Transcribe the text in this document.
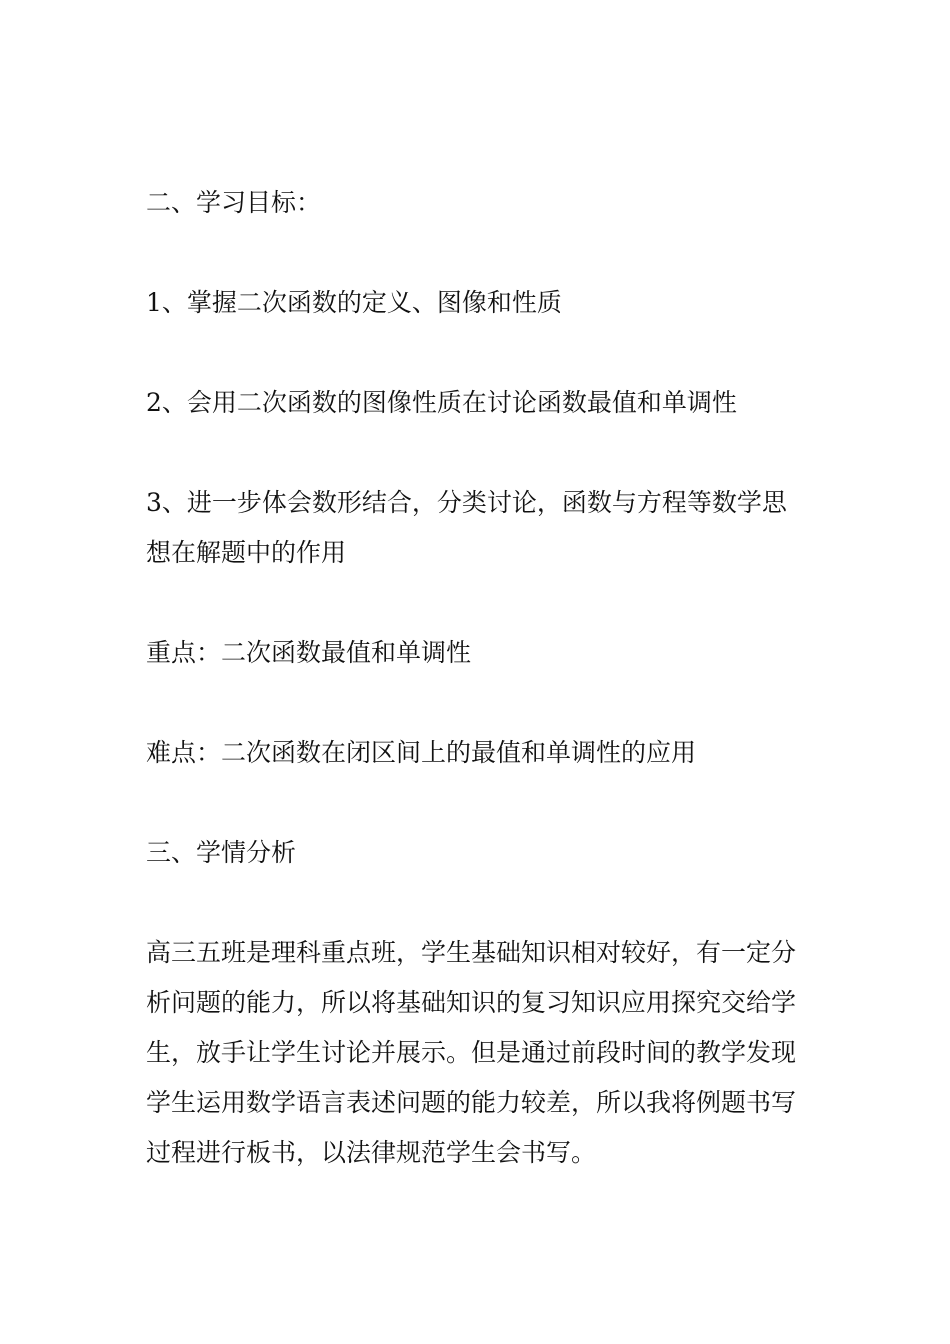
二、学习目标：

1、掌握二次函数的定义、图像和性质

2、会用二次函数的图像性质在讨论函数最值和单调性

3、进一步体会数形结合，分类讨论，函数与方程等数学思想在解题中的作用

重点：二次函数最值和单调性

难点：二次函数在闭区间上的最值和单调性的应用

三、学情分析

高三五班是理科重点班，学生基础知识相对较好，有一定分析问题的能力，所以将基础知识的复习知识应用探究交给学生，放手让学生讨论并展示。但是通过前段时间的教学发现学生运用数学语言表述问题的能力较差，所以我将例题书写过程进行板书，以法律规范学生会书写。
